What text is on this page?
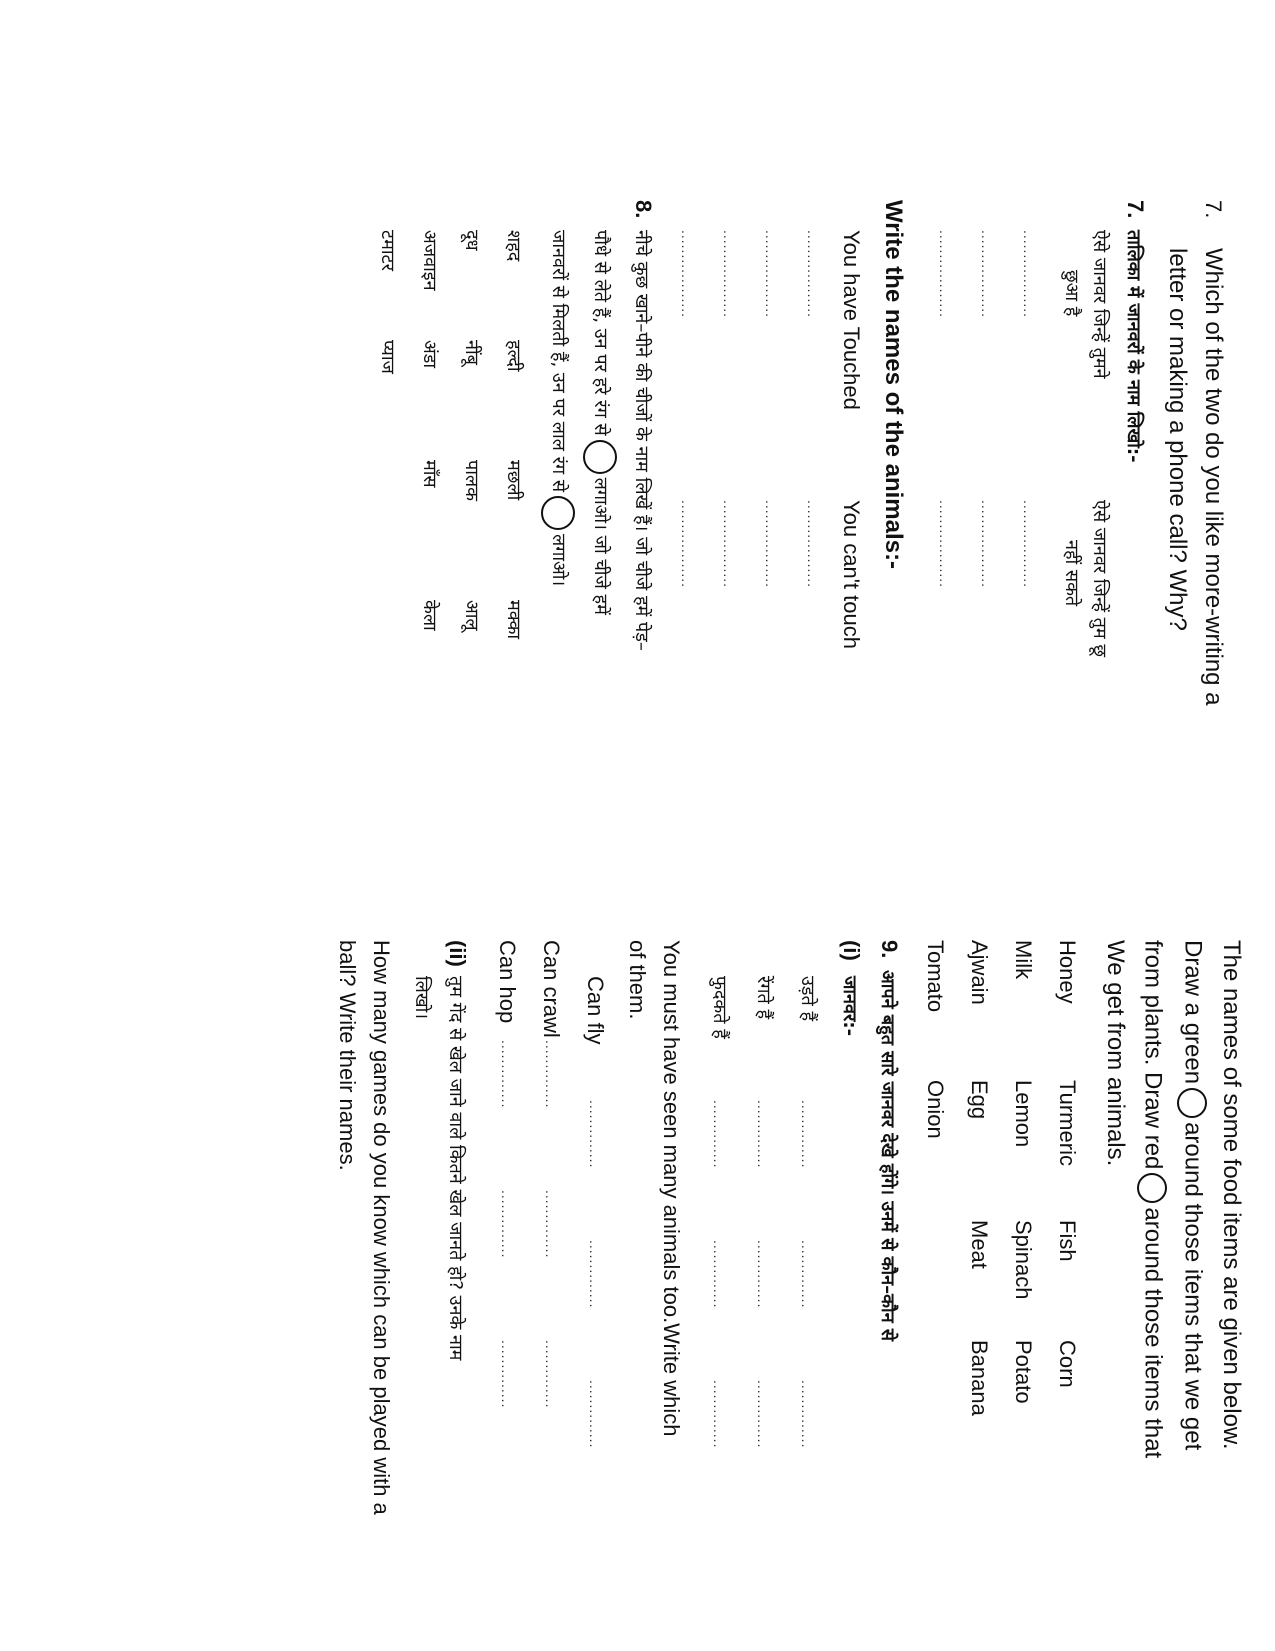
7.
Which of the two do you like more-writing a
letter or making a phone call? Why?
7.
तालिका में जानवरों के नाम लिखो:-
ऐसे जानवर जिन्हें तुमने
ऐसे जानवर जिन्हें तुम छू
छुआ है
नहीं सकते
..................
..................
..................
..................
..................
..................
Write the names of the animals:-
You have Touched
You can't touch
..................
..................
..................
..................
..................
..................
..................
..................
8.
नीचे कुछ खाने–पीने की चीजों के नाम लिखें हैं। जो चीजे हमें पेड़–
पौधे से लेते हैं, उन पर हरे रंग सेलगाओ। जो चीजे हमें
जानवरों से मिलती हैं, उन पर लाल रंग सेलगाओ।
शहद
हल्दी
मछली
मक्का
दूध
नींबू
पालक
आलू
अजवाइन
अंडा
माँस
केला
टमाटर
प्याज
The names of some food items are given below.
Draw a greenaround those items that we get
from plants. Draw redaround those items that
We get from animals.
Honey
Turmeric
Fish
Corn
Milk
Lemon
Spinach
Potato
Ajwain
Egg
Meat
Banana
Tomato
Onion
9.
आपने बहुत सारे जानवर देखे होंगे। उनमें से कौन–कौन से
(i)
जानवर:-
उड़ते हैं
..............
..............
..............
रेंगते हैं
..............
..............
..............
फुदकते हैं
..............
..............
..............
You must have seen many animals too.Write which
of them.
Can fly
..............
..............
..............
Can crawl
..............
..............
..............
Can hop
..............
..............
..............
(ii)
तुम गेंद से खेल जाने वाले कितने खेल जानते हो? उनके नाम
लिखो।
How many games do you know which can be played with a
ball? Write their names.
